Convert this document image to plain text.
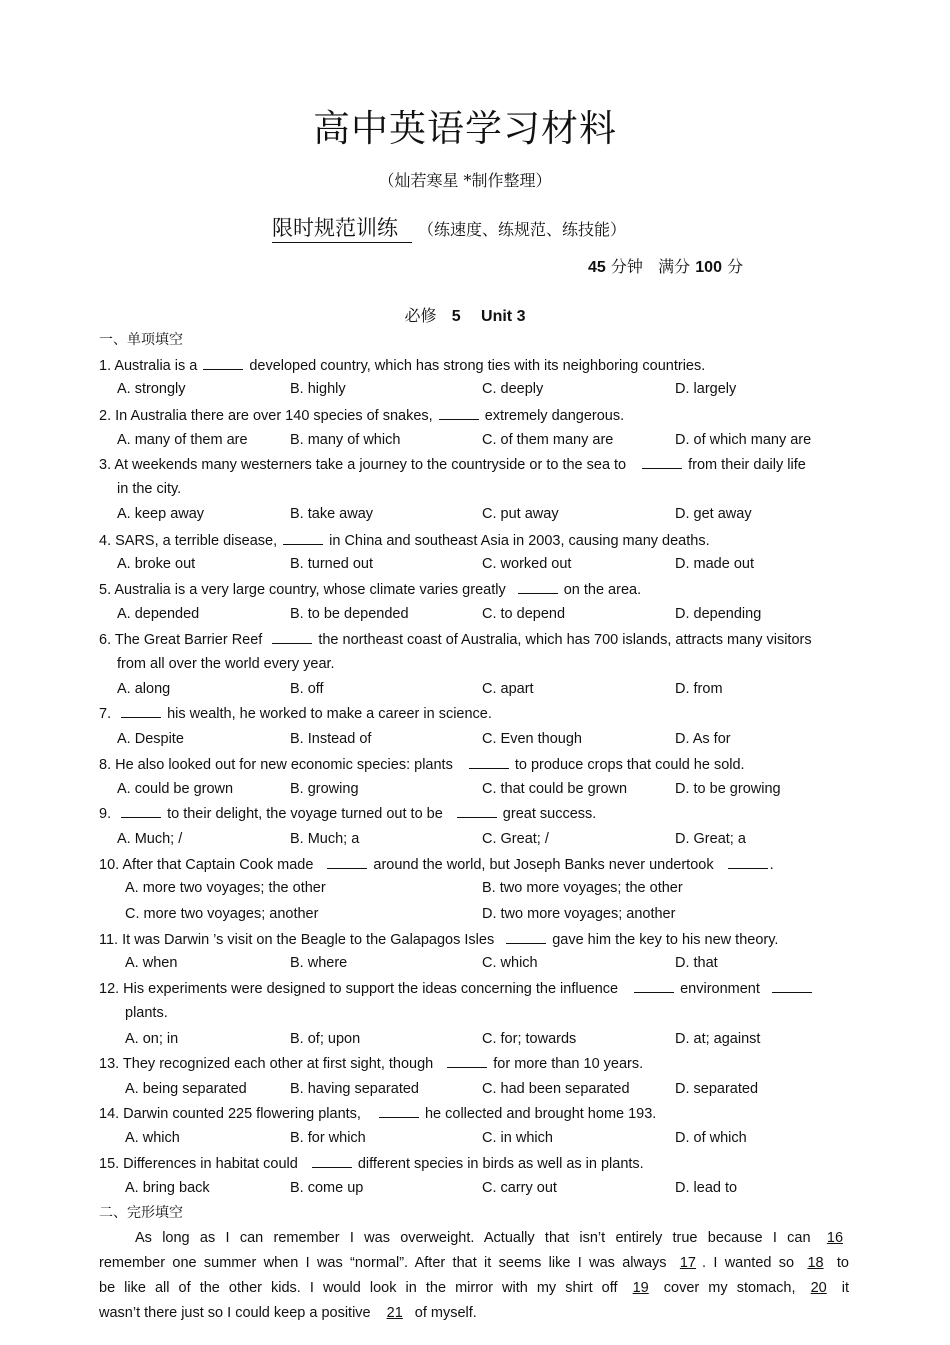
高中英语学习材料
（灿若寒星 *制作整理）
限时规范训练 （练速度、练规范、练技能）
45 分钟 满分 100 分
必修 5 Unit 3
一、单项填空
1. Australia is a	developed country, which has strong ties with its neighboring countries.
A. strongly	B. highly	C. deeply	D. largely
2. In Australia there are over 140 species of snakes,	extremely dangerous.
A. many of them are	B. many of which	C. of them many are	D. of which many are
3. At weekends many westerners take a journey to the countryside or to the sea to	from their daily life
in the city.
A. keep away	B. take away	C. put away	D. get away
4. SARS, a terrible disease,	in China and southeast Asia in 2003, causing many deaths.
A. broke out	B. turned out	C. worked out	D. made out
5. Australia is a very large country, whose climate varies greatly	on the area.
A. depended	B. to be depended	C. to depend	D. depending
6. The Great Barrier Reef	the northeast coast of Australia, which has 700 islands, attracts many visitors
from all over the world every year.
A. along	B. off	C. apart	D. from
7.	his wealth, he worked to make a career in science.
A. Despite	B. Instead of	C. Even though	D. As for
8. He also looked out for new economic species: plants	to produce crops that could he sold.
A. could be grown	B. growing	C. that could be grown	D. to be growing
9.	to their delight, the voyage turned out to be	great success.
A. Much; /	B. Much; a	C. Great; /	D. Great; a
10. After that Captain Cook made	around the world, but Joseph Banks never undertook	.
A. more two voyages; the other	B. two more voyages; the other
C. more two voyages; another	D. two more voyages; another
11. It was Darwin ’s visit on the Beagle to the Galapagos Isles	gave him the key to his new theory.
A. when	B. where	C. which	D. that
12. His experiments were designed to support the ideas concerning the influence	environment
plants.
A. on; in	B. of; upon	C. for; towards	D. at; against
13. They recognized each other at first sight, though	for more than 10 years.
A. being separated	B. having separated	C. had been separated	D. separated
14. Darwin counted 225 flowering plants,	he collected and brought home 193.
A. which	B. for which	C. in which	D. of which
15. Differences in habitat could	different species in birds as well as in plants.
A. bring back	B. come up	C. carry out	D. lead to
二、完形填空
As long as I can remember I was overweight. Actually that isn’t entirely true because I can 16
remember one summer when I was “normal”. After that it seems like I was always 17 . I wanted so 18 to
be like all of the other kids. I would look in the mirror with my shirt off 19 cover my stomach, 20 it
wasn’t there just so I could keep a positive 21 of myself.
